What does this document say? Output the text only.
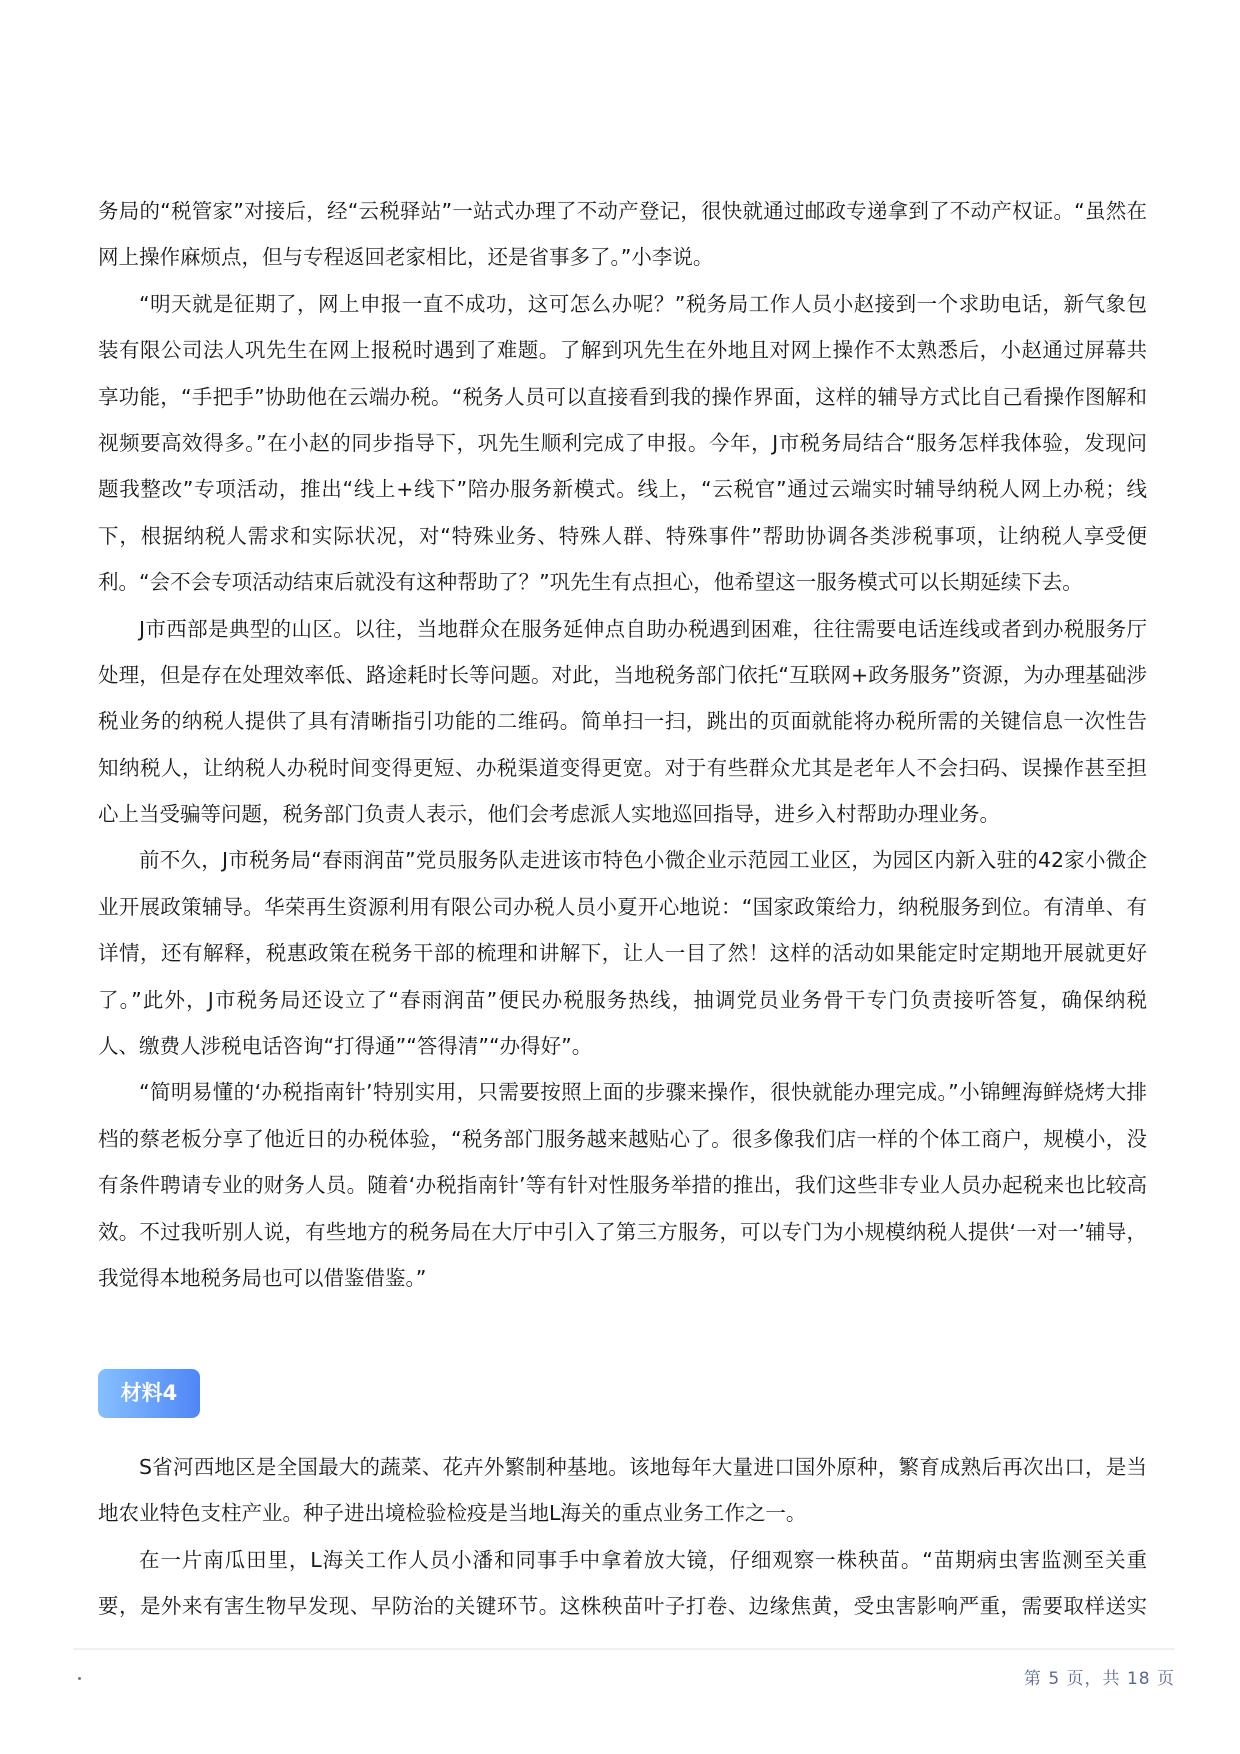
务局的“税管家”对接后，经“云税驿站”一站式办理了不动产登记，很快就通过邮政专递拿到了不动产权证。“虽然在
网上操作麻烦点，但与专程返回老家相比，还是省事多了。”小李说。
“明天就是征期了，网上申报一直不成功，这可怎么办呢？”税务局工作人员小赵接到一个求助电话，新气象包
装有限公司法人巩先生在网上报税时遇到了难题。了解到巩先生在外地且对网上操作不太熟悉后，小赵通过屏幕共
享功能，“手把手”协助他在云端办税。“税务人员可以直接看到我的操作界面，这样的辅导方式比自己看操作图解和
视频要高效得多。”在小赵的同步指导下，巩先生顺利完成了申报。今年，J市税务局结合“服务怎样我体验，发现问
题我整改”专项活动，推出“线上+线下”陪办服务新模式。线上，“云税官”通过云端实时辅导纳税人网上办税；线
下，根据纳税人需求和实际状况，对“特殊业务、特殊人群、特殊事件”帮助协调各类涉税事项，让纳税人享受便
利。“会不会专项活动结束后就没有这种帮助了？”巩先生有点担心，他希望这一服务模式可以长期延续下去。
J市西部是典型的山区。以往，当地群众在服务延伸点自助办税遇到困难，往往需要电话连线或者到办税服务厅
处理，但是存在处理效率低、路途耗时长等问题。对此，当地税务部门依托“互联网+政务服务”资源，为办理基础涉
税业务的纳税人提供了具有清晰指引功能的二维码。简单扫一扫，跳出的页面就能将办税所需的关键信息一次性告
知纳税人，让纳税人办税时间变得更短、办税渠道变得更宽。对于有些群众尤其是老年人不会扫码、误操作甚至担
心上当受骗等问题，税务部门负责人表示，他们会考虑派人实地巡回指导，进乡入村帮助办理业务。
前不久，J市税务局“春雨润苗”党员服务队走进该市特色小微企业示范园工业区，为园区内新入驻的42家小微企
业开展政策辅导。华荣再生资源利用有限公司办税人员小夏开心地说：“国家政策给力，纳税服务到位。有清单、有
详情，还有解释，税惠政策在税务干部的梳理和讲解下，让人一目了然！这样的活动如果能定时定期地开展就更好
了。”此外，J市税务局还设立了“春雨润苗”便民办税服务热线，抽调党员业务骨干专门负责接听答复，确保纳税
人、缴费人涉税电话咨询“打得通”“答得清”“办得好”。
“简明易懂的‘办税指南针’特别实用，只需要按照上面的步骤来操作，很快就能办理完成。”小锦鲤海鲜烧烤大排
档的蔡老板分享了他近日的办税体验，“税务部门服务越来越贴心了。很多像我们店一样的个体工商户，规模小，没
有条件聘请专业的财务人员。随着‘办税指南针’等有针对性服务举措的推出，我们这些非专业人员办起税来也比较高
效。不过我听别人说，有些地方的税务局在大厅中引入了第三方服务，可以专门为小规模纳税人提供‘一对一’辅导，
我觉得本地税务局也可以借鉴借鉴。”
材料4
S省河西地区是全国最大的蔬菜、花卉外繁制种基地。该地每年大量进口国外原种，繁育成熟后再次出口，是当
地农业特色支柱产业。种子进出境检验检疫是当地L海关的重点业务工作之一。
在一片南瓜田里，L海关工作人员小潘和同事手中拿着放大镜，仔细观察一株秧苗。“苗期病虫害监测至关重
要，是外来有害生物早发现、早防治的关键环节。这株秧苗叶子打卷、边缘焦黄，受虫害影响严重，需要取样送实
第 5 页，共 18 页
